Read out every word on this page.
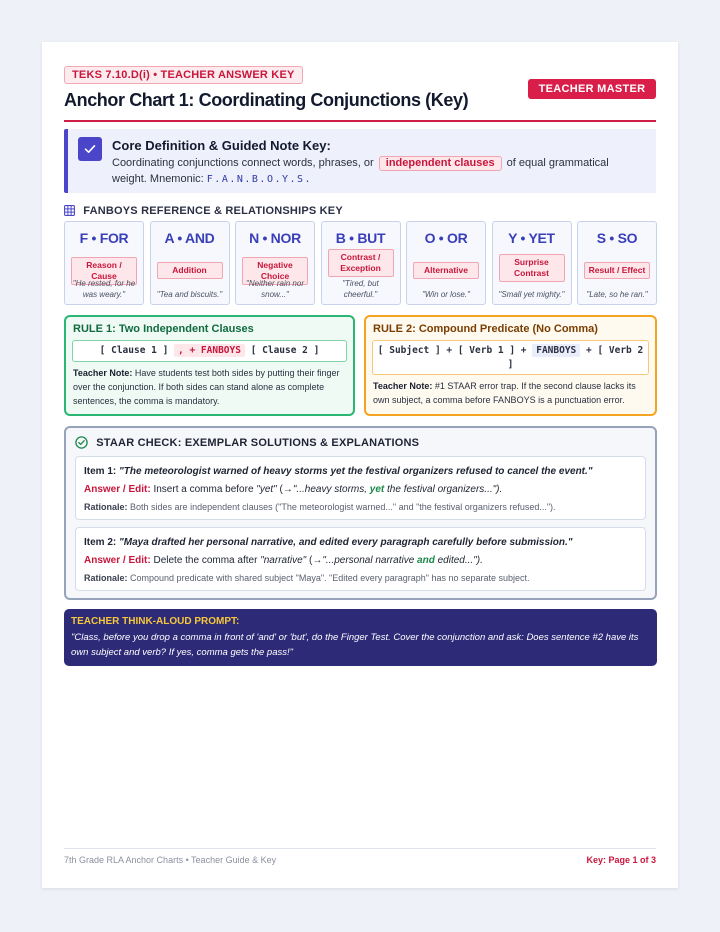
TEKS 7.10.D(i) • TEACHER ANSWER KEY
Anchor Chart 1: Coordinating Conjunctions (Key)
TEACHER MASTER
Core Definition & Guided Note Key:
Coordinating conjunctions connect words, phrases, or independent clauses of equal grammatical weight. Mnemonic: F.A.N.B.O.Y.S.
FANBOYS REFERENCE & RELATIONSHIPS KEY
F • FOR
Reason / Cause
"He rested, for he was weary."
A • AND
Addition
"Tea and biscuits."
N • NOR
Negative Choice
"Neither rain nor snow..."
B • BUT
Contrast / Exception
"Tired, but cheerful."
O • OR
Alternative
"Win or lose."
Y • YET
Surprise Contrast
"Small yet mighty."
S • SO
Result / Effect
"Late, so he ran."
RULE 1: Two Independent Clauses
[ Clause 1 ] , + FANBOYS [ Clause 2 ]
Teacher Note: Have students test both sides by putting their finger over the conjunction. If both sides can stand alone as complete sentences, the comma is mandatory.
RULE 2: Compound Predicate (No Comma)
[ Subject ] + [ Verb 1 ] + FANBOYS + [ Verb 2 ]
Teacher Note: #1 STAAR error trap. If the second clause lacks its own subject, a comma before FANBOYS is a punctuation error.
STAAR CHECK: EXEMPLAR SOLUTIONS & EXPLANATIONS
Item 1: "The meteorologist warned of heavy storms yet the festival organizers refused to cancel the event."
Answer / Edit: Insert a comma before "yet" (→"...heavy storms, yet the festival organizers...").
Rationale: Both sides are independent clauses ("The meteorologist warned..." and "the festival organizers refused...").
Item 2: "Maya drafted her personal narrative, and edited every paragraph carefully before submission."
Answer / Edit: Delete the comma after "narrative" (→"...personal narrative and edited...").
Rationale: Compound predicate with shared subject "Maya". "Edited every paragraph" has no separate subject.
TEACHER THINK-ALOUD PROMPT:
"Class, before you drop a comma in front of 'and' or 'but', do the Finger Test. Cover the conjunction and ask: Does sentence #2 have its own subject and verb? If yes, comma gets the pass!"
7th Grade RLA Anchor Charts • Teacher Guide & Key	Key: Page 1 of 3
